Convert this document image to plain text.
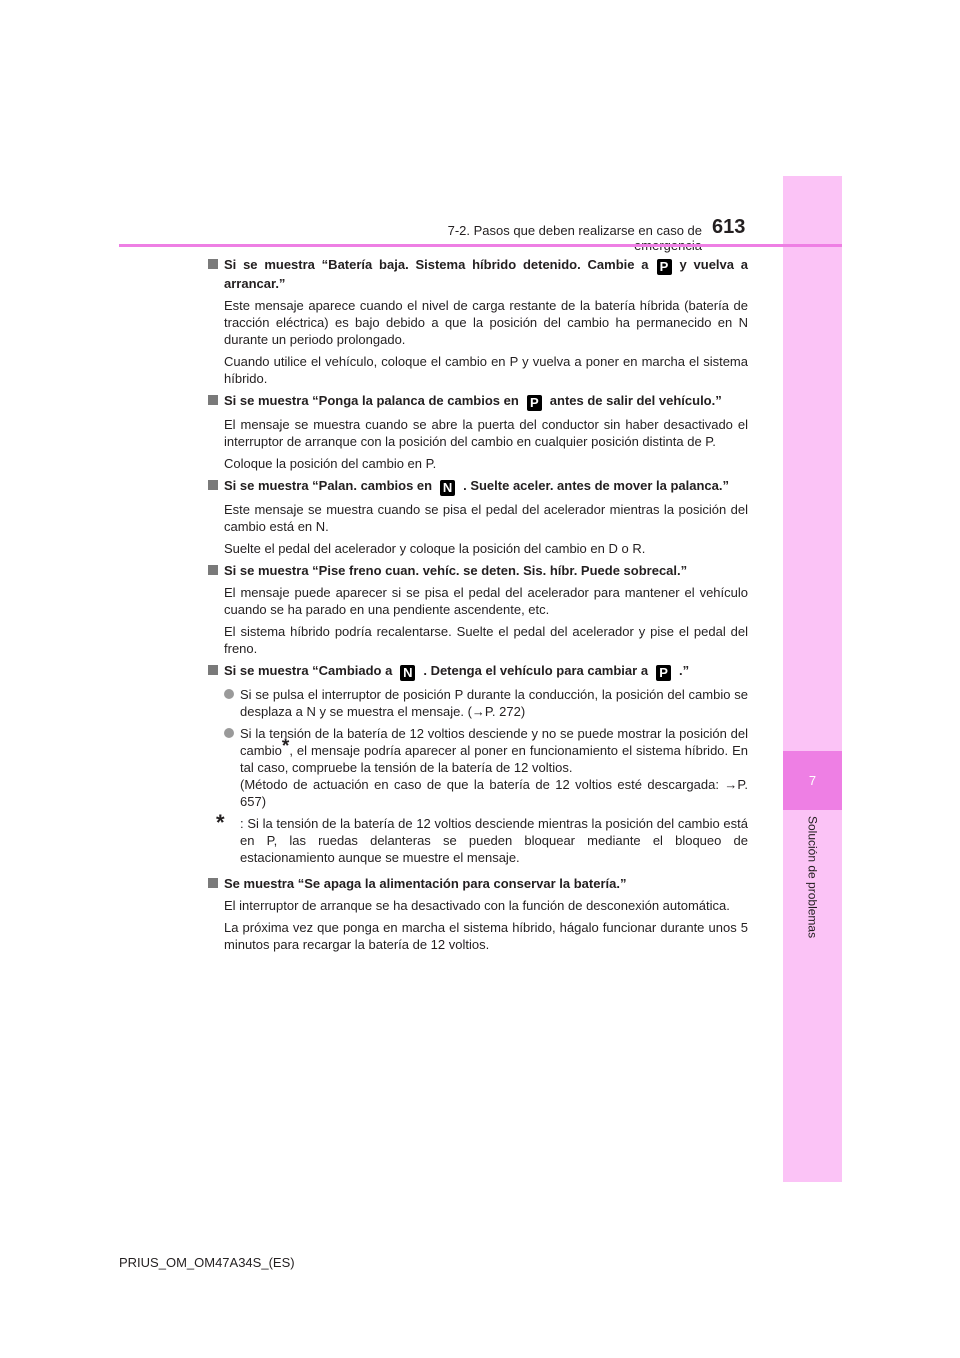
7
Solución de problemas
7-2. Pasos que deben realizarse en caso de 613
Si se muestra “Batería baja. Sistema híbrido detenido. Cambie a P y vuelva a arrancar.”

Este mensaje aparece cuando el nivel de carga restante de la batería híbrida (batería de tracción eléctrica) es bajo debido a que la posición del cambio ha permanecido en N durante un periodo prolongado.

Cuando utilice el vehículo, coloque el cambio en P y vuelva a poner en marcha el sistema híbrido.

Si se muestra “Ponga la palanca de cambios en P antes de salir del vehículo.”

El mensaje se muestra cuando se abre la puerta del conductor sin haber desactivado el interruptor de arranque con la posición del cambio en cualquier posición distinta de P.

Coloque la posición del cambio en P.

Si se muestra “Palan. cambios en N . Suelte aceler. antes de mover la palanca.”

Este mensaje se muestra cuando se pisa el pedal del acelerador mientras la posición del cambio está en N.

Suelte el pedal del acelerador y coloque la posición del cambio en D o R.

Si se muestra “Pise freno cuan. vehíc. se deten. Sis. híbr. Puede sobrecal.”

El mensaje puede aparecer si se pisa el pedal del acelerador para mantener el vehículo cuando se ha parado en una pendiente ascendente, etc.

El sistema híbrido podría recalentarse. Suelte el pedal del acelerador y pise el pedal del freno.

Si se muestra “Cambiado a N . Detenga el vehículo para cambiar a P .”
Si se pulsa el interruptor de posición P durante la conducción, la posición del cambio se desplaza a N y se muestra el mensaje. (→P. 272)
Si la tensión de la batería de 12 voltios desciende y no se puede mostrar la posición del cambio*, el mensaje podría aparecer al poner en funcionamiento el sistema híbrido. En tal caso, compruebe la tensión de la batería de 12 voltios.
(Método de actuación en caso de que la batería de 12 voltios esté descargada: →P. 657)
* : Si la tensión de la batería de 12 voltios desciende mientras la posición del cambio está en P, las ruedas delanteras se pueden bloquear mediante el bloqueo de estacionamiento aunque se muestre el mensaje.
Se muestra “Se apaga la alimentación para conservar la batería.”

El interruptor de arranque se ha desactivado con la función de desconexión automática.

La próxima vez que ponga en marcha el sistema híbrido, hágalo funcionar durante unos 5 minutos para recargar la batería de 12 voltios.

PRIUS_OM_OM47A34S_(ES)
